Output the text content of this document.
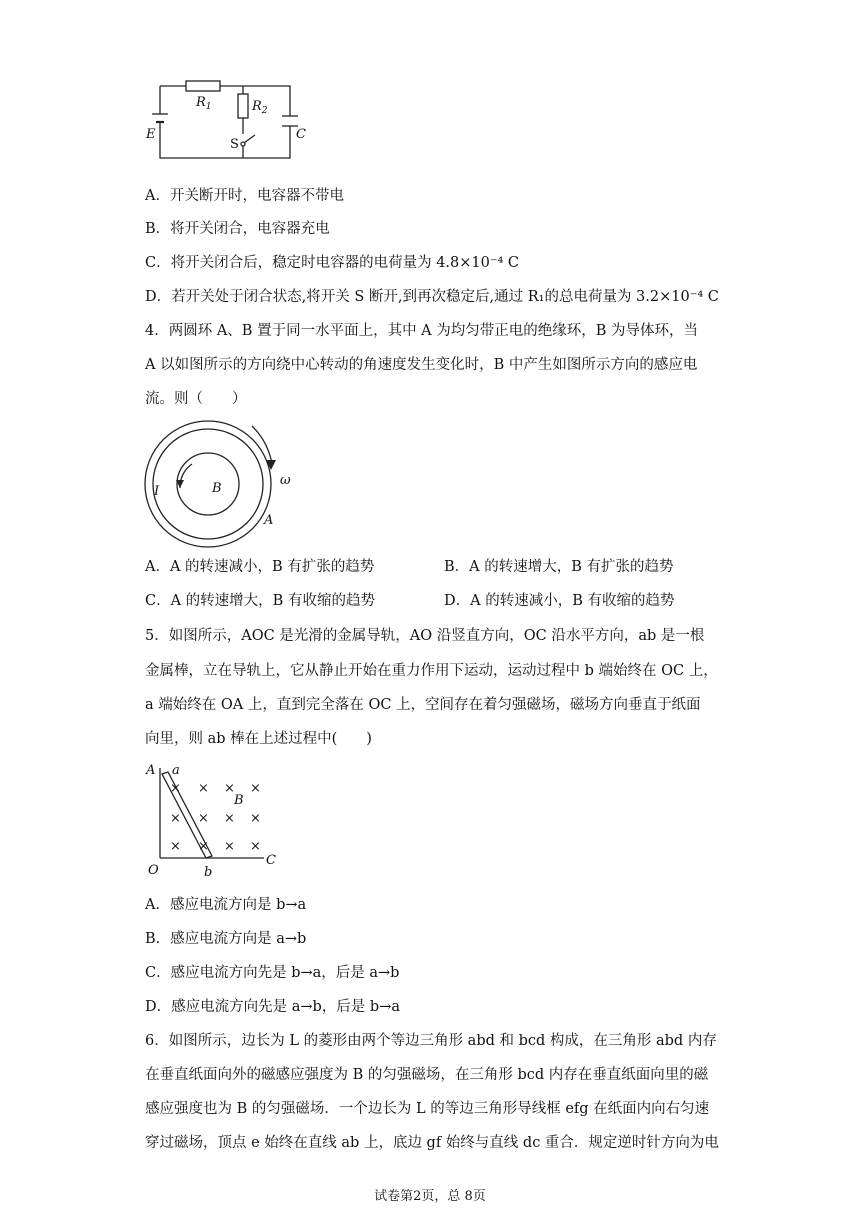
$R_1$	$R_2$
E
S
C
A．开关断开时，电容器不带电
B．将开关闭合，电容器充电
C．将开关闭合后，稳定时电容器的电荷量为 4.8×10⁻⁴ C
D．若开关处于闭合状态,将开关 S 断开,到再次稳定后,通过 R₁的总电荷量为 3.2×10⁻⁴ C
4．两圆环 A、B 置于同一水平面上，其中 A 为均匀带正电的绝缘环，B 为导体环，当
A 以如图所示的方向绕中心转动的角速度发生变化时，B 中产生如图所示方向的感应电
流。则（　　）
I	B
ω
A
A．A 的转速减小，B 有扩张的趋势	B．A 的转速增大，B 有扩张的趋势
C．A 的转速增大，B 有收缩的趋势	D．A 的转速减小，B 有收缩的趋势
5．如图所示，AOC 是光滑的金属导轨，AO 沿竖直方向，OC 沿水平方向，ab 是一根
金属棒，立在导轨上，它从静止开始在重力作用下运动，运动过程中 b 端始终在 OC 上，
a 端始终在 OA 上，直到完全落在 OC 上，空间存在着匀强磁场，磁场方向垂直于纸面
向里，则 ab 棒在上述过程中(　　)
A a
B
O	b
C
× × × ×
× × × ×
× × × ×
A．感应电流方向是 b→a
B．感应电流方向是 a→b
C．感应电流方向先是 b→a，后是 a→b
D．感应电流方向先是 a→b，后是 b→a
6．如图所示，边长为 L 的菱形由两个等边三角形 abd 和 bcd 构成，在三角形 abd 内存
在垂直纸面向外的磁感应强度为 B 的匀强磁场，在三角形 bcd 内存在垂直纸面向里的磁
感应强度也为 B 的匀强磁场．一个边长为 L 的等边三角形导线框 efg 在纸面内向右匀速
穿过磁场，顶点 e 始终在直线 ab 上，底边 gf 始终与直线 dc 重合．规定逆时针方向为电
试卷第2页，总 8页
